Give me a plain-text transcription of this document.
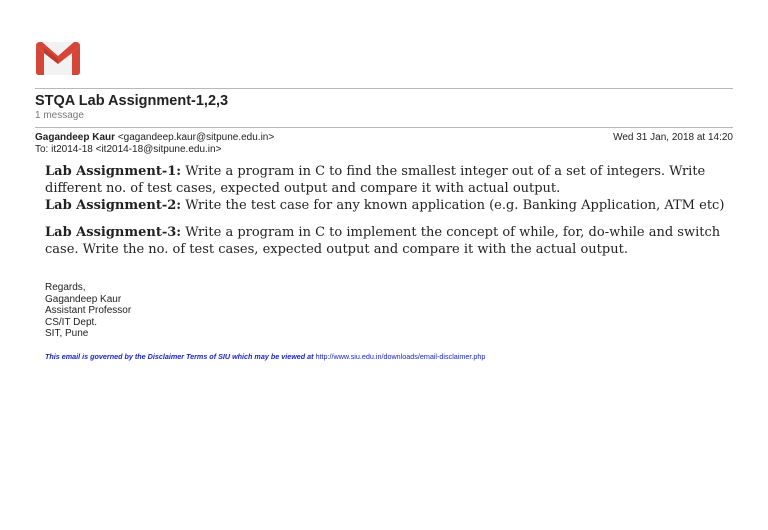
STQA Lab Assignment-1,2,3
1 message
Gagandeep Kaur <gagandeep.kaur@sitpune.edu.in>
To: it2014-18 <it2014-18@sitpune.edu.in>
Wed 31 Jan, 2018 at 14:20

Lab Assignment-1: Write a program in C to find the smallest integer out of a set of integers. Write different no. of test cases, expected output and compare it with actual output.

Lab Assignment-2: Write the test case for any known application (e.g. Banking Application, ATM etc)

Lab Assignment-3: Write a program in C to implement the concept of while, for, do-while and switch case. Write the no. of test cases, expected output and compare it with the actual output.

Regards,
Gagandeep Kaur
Assistant Professor
CS/IT Dept.
SIT, Pune
This email is governed by the Disclaimer Terms of SIU which may be viewed at http://www.siu.edu.in/downloads/email-disclaimer.php
